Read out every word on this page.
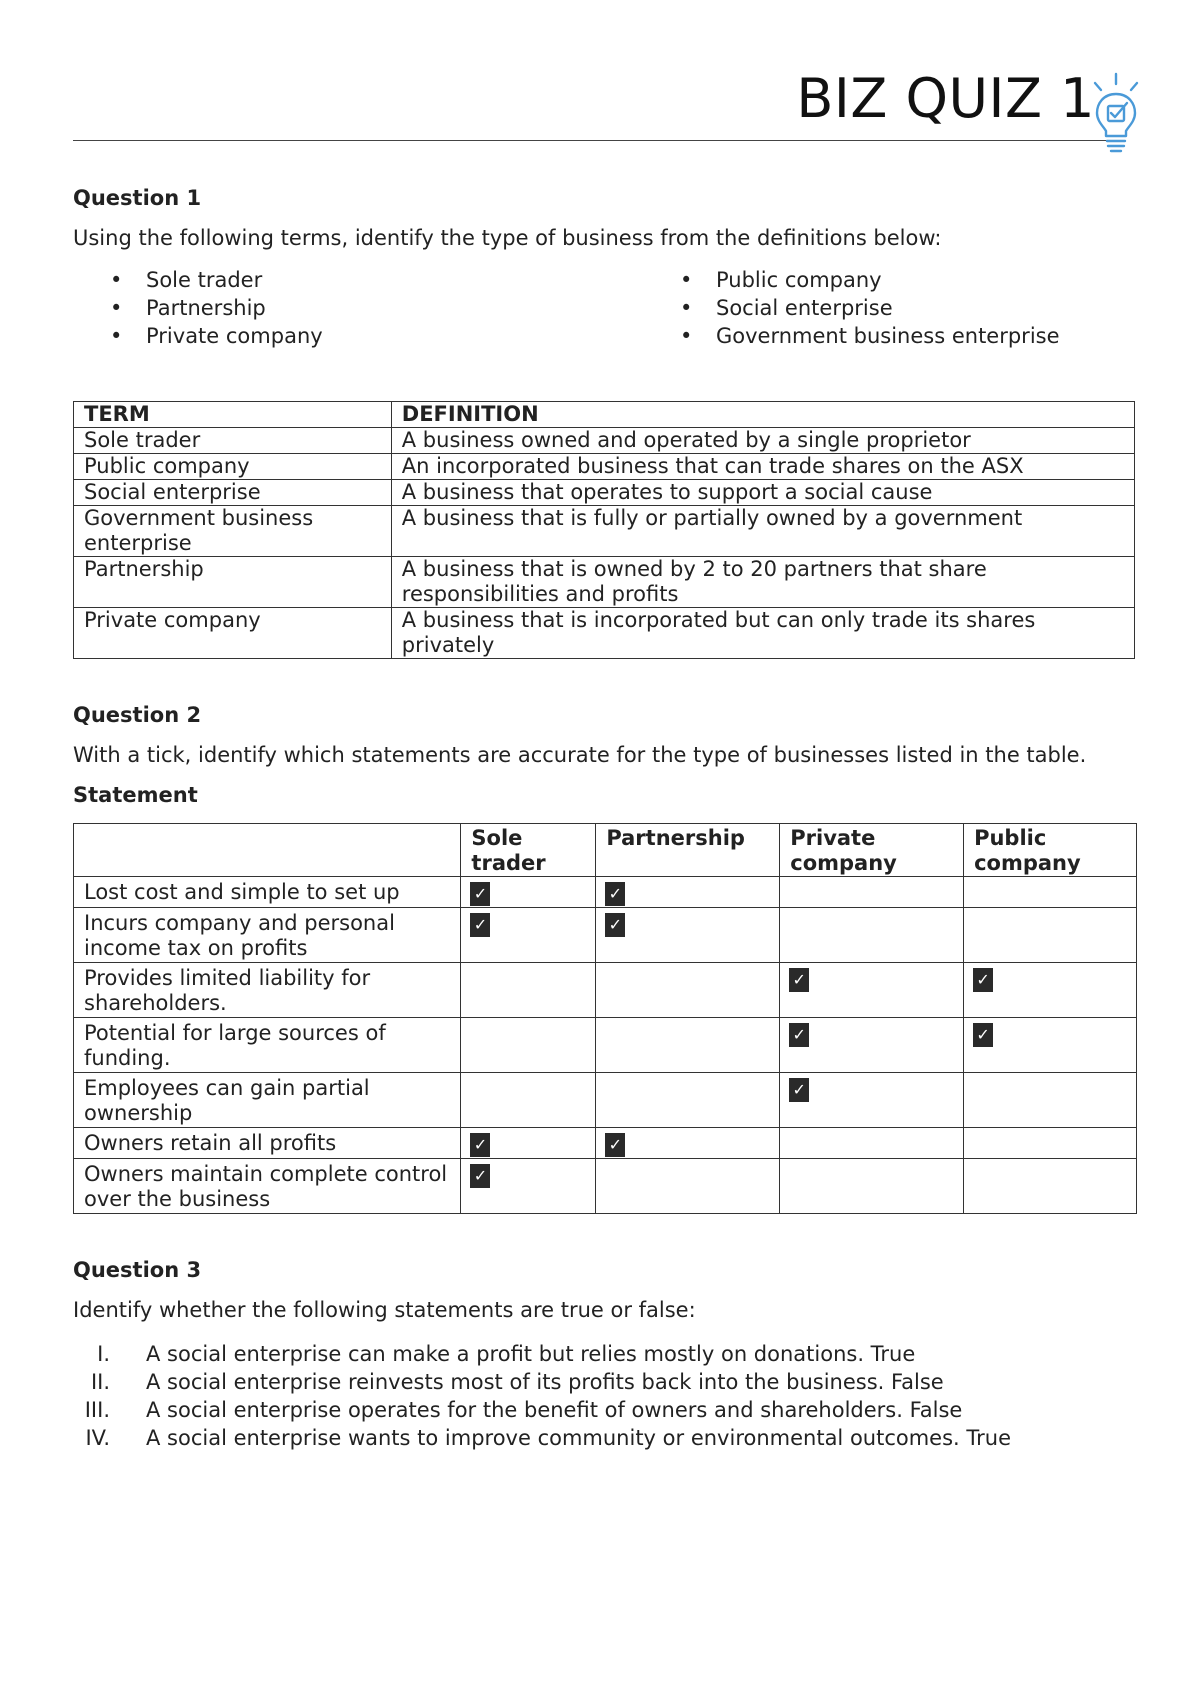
BIZ QUIZ 1

Question 1

Using the following terms, identify the type of business from the definitions below:

• Sole trader
• Partnership
• Private company
• Public company
• Social enterprise
• Government business enterprise
TERM	DEFINITION
Sole trader	A business owned and operated by a single proprietor
Public company	An incorporated business that can trade shares on the ASX
Social enterprise	A business that operates to support a social cause
Government business enterprise	A business that is fully or partially owned by a government
Partnership	A business that is owned by 2 to 20 partners that share responsibilities and profits
Private company	A business that is incorporated but can only trade its shares privately

Question 2

With a tick, identify which statements are accurate for the type of businesses listed in the table.

Statement

	Sole trader	Partnership	Private company	Public company
Lost cost and simple to set up	✓	✓		
Incurs company and personal income tax on profits	✓	✓		
Provides limited liability for shareholders.			✓	✓
Potential for large sources of funding.			✓	✓
Employees can gain partial ownership			✓	
Owners retain all profits	✓	✓		
Owners maintain complete control over the business	✓			

Question 3

Identify whether the following statements are true or false:

I. A social enterprise can make a profit but relies mostly on donations. True
II. A social enterprise reinvests most of its profits back into the business. False
III. A social enterprise operates for the benefit of owners and shareholders. False
IV. A social enterprise wants to improve community or environmental outcomes. True
